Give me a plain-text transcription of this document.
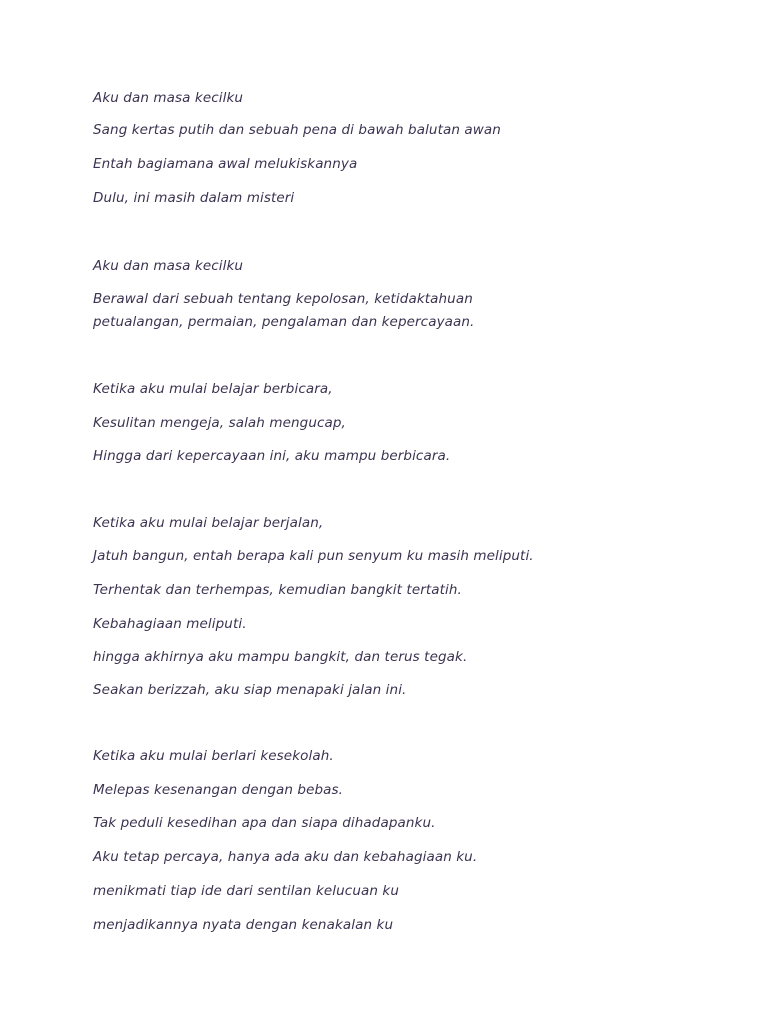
Aku dan masa kecilku
Sang kertas putih dan sebuah pena di bawah balutan awan
Entah bagiamana awal melukiskannya
Dulu, ini masih dalam misteri
Aku dan masa kecilku
Berawal dari sebuah tentang kepolosan, ketidaktahuan
petualangan, permaian, pengalaman dan kepercayaan.
Ketika aku mulai belajar berbicara,
Kesulitan mengeja, salah mengucap,
Hingga dari kepercayaan ini, aku mampu berbicara.
Ketika aku mulai belajar berjalan,
Jatuh bangun, entah berapa kali pun senyum ku masih meliputi.
Terhentak dan terhempas, kemudian bangkit tertatih.
Kebahagiaan meliputi.
hingga akhirnya aku mampu bangkit, dan terus tegak.
Seakan berizzah, aku siap menapaki jalan ini.
Ketika aku mulai berlari kesekolah.
Melepas kesenangan dengan bebas.
Tak peduli kesedihan apa dan siapa dihadapanku.
Aku tetap percaya, hanya ada aku dan kebahagiaan ku.
menikmati tiap ide dari sentilan kelucuan ku
menjadikannya nyata dengan kenakalan ku
